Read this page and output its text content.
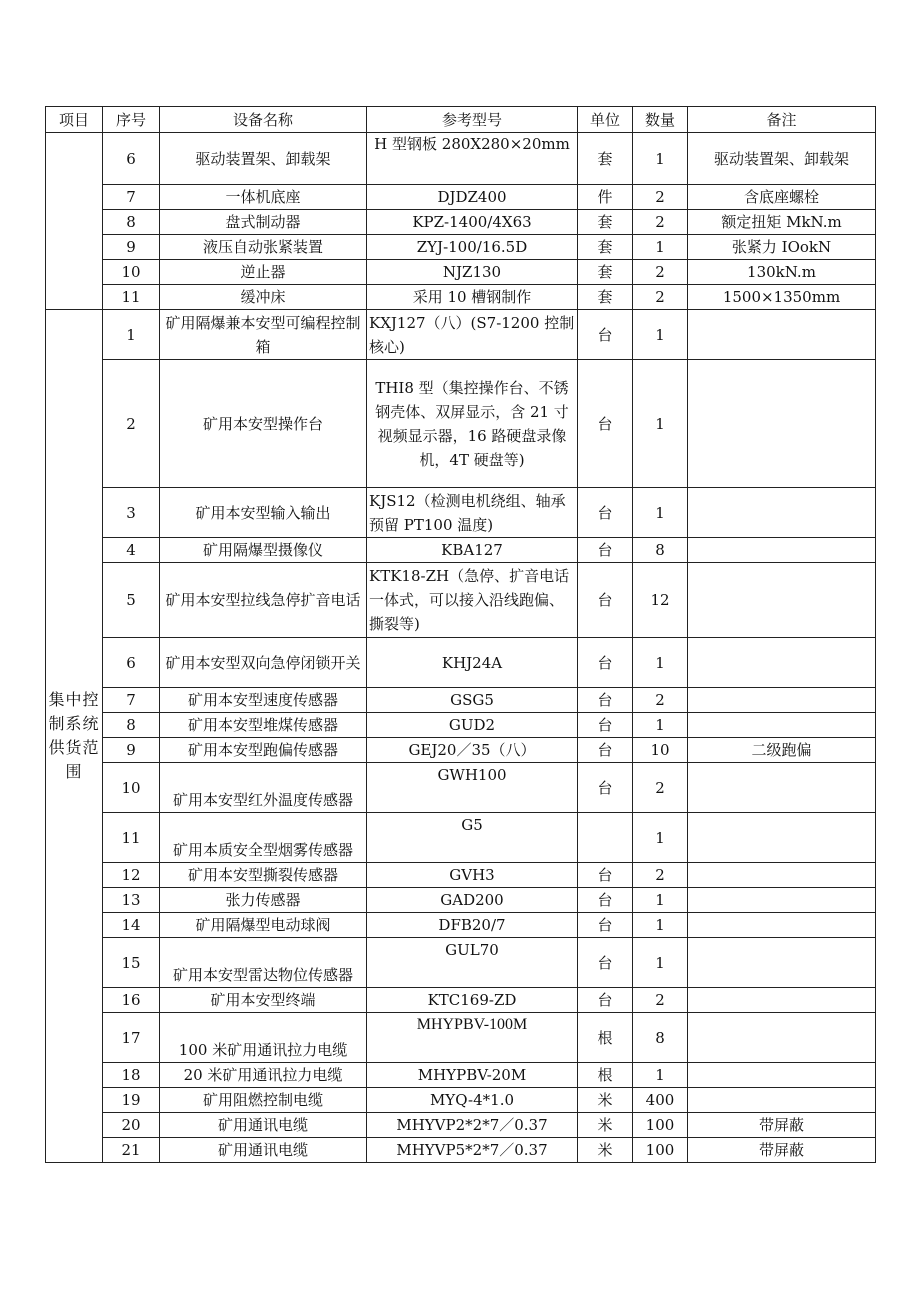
项目	序号	设备名称	参考型号	单位	数量	备注
	6	驱动装置架、卸载架	H 型钢板 280X280×20mm	套	1	驱动装置架、卸载架
	7	一体机底座	DJDZ400	件	2	含底座螺栓
	8	盘式制动器	KPZ-1400/4X63	套	2	额定扭矩 MkN.m
	9	液压自动张紧装置	ZYJ-100/16.5D	套	1	张紧力 IOokN
	10	逆止器	NJZ130	套	2	130kN.m
	11	缓冲床	采用 10 槽钢制作	套	2	1500×1350mm
集中控制系统供货范围	1	矿用隔爆兼本安型可编程控制箱	KXJ127（八）(S7-1200 控制核心)	台	1	
	2	矿用本安型操作台	THI8 型（集控操作台、不锈钢壳体、双屏显示，含 21 寸视频显示器，16 路硬盘录像机，4T 硬盘等)	台	1	
	3	矿用本安型输入输出	KJS12（检测电机绕组、轴承预留 PT100 温度)	台	1	
	4	矿用隔爆型摄像仪	KBA127	台	8	
	5	矿用本安型拉线急停扩音电话	KTK18-ZH（急停、扩音电话一体式，可以接入沿线跑偏、撕裂等)	台	12	
	6	矿用本安型双向急停闭锁开关	KHJ24A	台	1	
	7	矿用本安型速度传感器	GSG5	台	2	
	8	矿用本安型堆煤传感器	GUD2	台	1	
	9	矿用本安型跑偏传感器	GEJ20／35（八）	台	10	二级跑偏
	10	矿用本安型红外温度传感器	GWH100	台	2	
	11	矿用本质安全型烟雾传感器	G5		1	
	12	矿用本安型撕裂传感器	GVH3	台	2	
	13	张力传感器	GAD200	台	1	
	14	矿用隔爆型电动球阀	DFB20/7	台	1	
	15	矿用本安型雷达物位传感器	GUL70	台	1	
	16	矿用本安型终端	KTC169-ZD	台	2	
	17	100 米矿用通讯拉力电缆	MHYPBV-100M	根	8	
	18	20 米矿用通讯拉力电缆	MHYPBV-20M	根	1	
	19	矿用阻燃控制电缆	MYQ-4*1.0	米	400	
	20	矿用通讯电缆	MHYVP2*2*7／0.37	米	100	带屏蔽
	21	矿用通讯电缆	MHYVP5*2*7／0.37	米	100	带屏蔽
